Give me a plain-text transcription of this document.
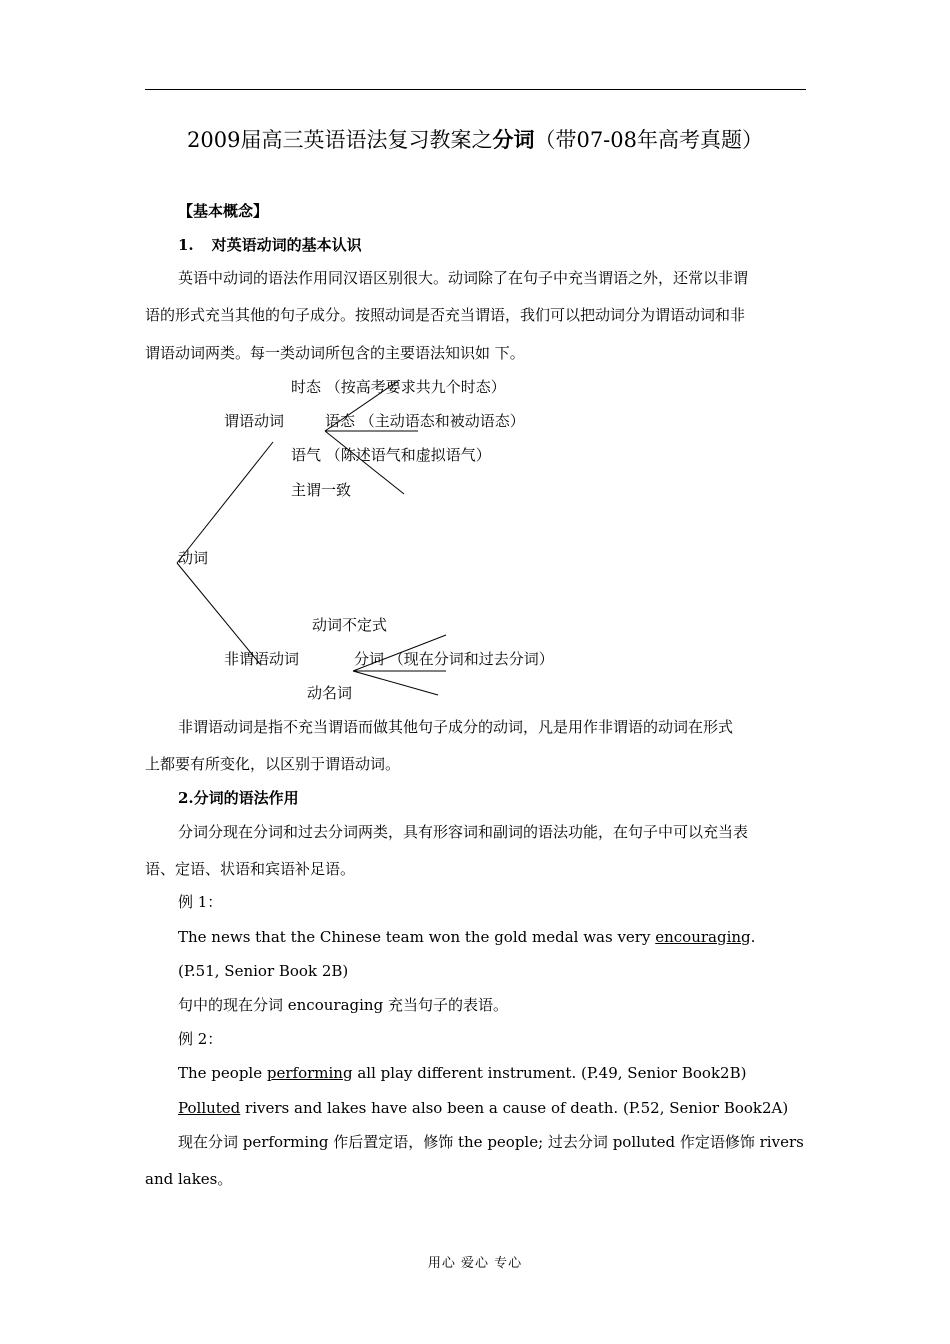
2009届高三英语语法复习教案之分词（带07-08年高考真题）
【基本概念】
1. 对英语动词的基本认识
英语中动词的语法作用同汉语区别很大。动词除了在句子中充当谓语之外，还常以非谓
语的形式充当其他的句子成分。按照动词是否充当谓语，我们可以把动词分为谓语动词和非
谓语动词两类。每一类动词所包含的主要语法知识如 下。
时态 （按高考要求共九个时态）
谓语动词	语态 （主动语态和被动语态）
语气 （陈述语气和虚拟语气）
主谓一致
动词
动词不定式
非谓语动词	分词 （现在分词和过去分词）
动名词
非谓语动词是指不充当谓语而做其他句子成分的动词，凡是用作非谓语的动词在形式
上都要有所变化，以区别于谓语动词。
2.分词的语法作用
分词分现在分词和过去分词两类，具有形容词和副词的语法功能，在句子中可以充当表
语、定语、状语和宾语补足语。
例 1：
The news that the Chinese team won the gold medal was very encouraging.
(P.51, Senior Book 2B)
句中的现在分词 encouraging 充当句子的表语。
例 2：
The people performing all play different instrument. (P.49, Senior Book2B)
Polluted rivers and lakes have also been a cause of death. (P.52, Senior Book2A)
现在分词 performing 作后置定语，修饰 the people; 过去分词 polluted 作定语修饰 rivers
and lakes。
用心 爱心 专心
